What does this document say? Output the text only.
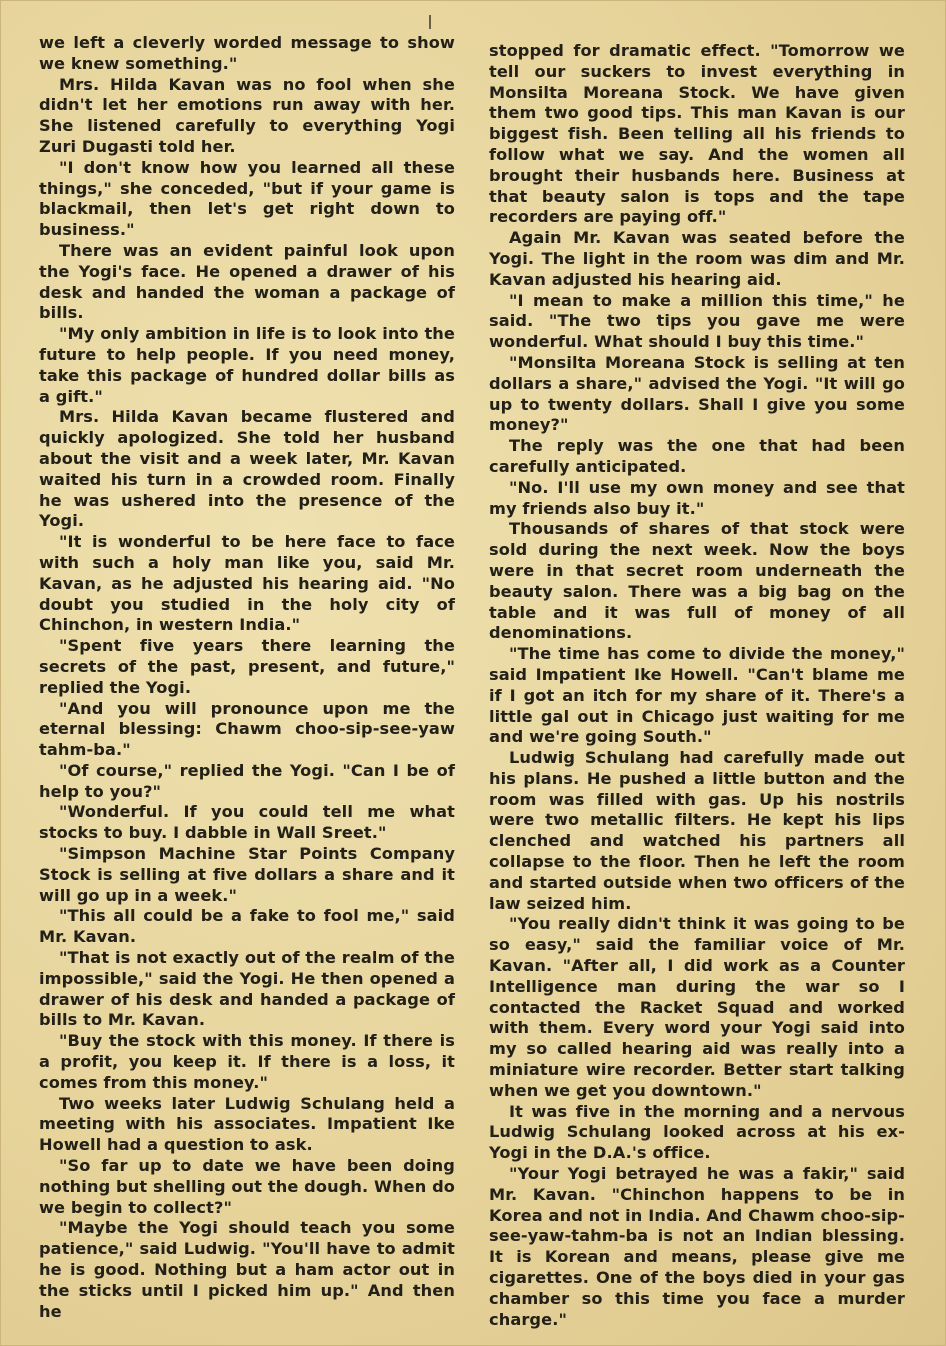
we left a cleverly worded message to show we knew something."

Mrs. Hilda Kavan was no fool when she didn't let her emotions run away with her. She listened carefully to everything Yogi Zuri Dugasti told her.

"I don't know how you learned all these things," she conceded, "but if your game is blackmail, then let's get right down to business."

There was an evident painful look upon the Yogi's face. He opened a drawer of his desk and handed the woman a package of bills.

"My only ambition in life is to look into the future to help people. If you need money, take this package of hundred dollar bills as a gift."

Mrs. Hilda Kavan became flustered and quickly apologized. She told her husband about the visit and a week later, Mr. Kavan waited his turn in a crowded room. Finally he was ushered into the presence of the Yogi.

"It is wonderful to be here face to face with such a holy man like you, said Mr. Kavan, as he adjusted his hearing aid. "No doubt you studied in the holy city of Chinchon, in western India."

"Spent five years there learning the secrets of the past, present, and future," replied the Yogi.

"And you will pronounce upon me the eternal blessing: Chawm choo-sip-see-yaw tahm-ba."

"Of course," replied the Yogi. "Can I be of help to you?"

"Wonderful. If you could tell me what stocks to buy. I dabble in Wall Sreet."

"Simpson Machine Star Points Company Stock is selling at five dollars a share and it will go up in a week."

"This all could be a fake to fool me," said Mr. Kavan.

"That is not exactly out of the realm of the impossible," said the Yogi. He then opened a drawer of his desk and handed a package of bills to Mr. Kavan.

"Buy the stock with this money. If there is a profit, you keep it. If there is a loss, it comes from this money."

Two weeks later Ludwig Schulang held a meeting with his associates. Impatient Ike Howell had a question to ask.

"So far up to date we have been doing nothing but shelling out the dough. When do we begin to collect?"

"Maybe the Yogi should teach you some patience," said Ludwig. "You'll have to admit he is good. Nothing but a ham actor out in the sticks until I picked him up." And then he

stopped for dramatic effect. "Tomorrow we tell our suckers to invest everything in Monsilta Moreana Stock. We have given them two good tips. This man Kavan is our biggest fish. Been telling all his friends to follow what we say. And the women all brought their husbands here. Business at that beauty salon is tops and the tape recorders are paying off."

Again Mr. Kavan was seated before the Yogi. The light in the room was dim and Mr. Kavan adjusted his hearing aid.

"I mean to make a million this time," he said. "The two tips you gave me were wonderful. What should I buy this time."

"Monsilta Moreana Stock is selling at ten dollars a share," advised the Yogi. "It will go up to twenty dollars. Shall I give you some money?"

The reply was the one that had been carefully anticipated.

"No. I'll use my own money and see that my friends also buy it."

Thousands of shares of that stock were sold during the next week. Now the boys were in that secret room underneath the beauty salon. There was a big bag on the table and it was full of money of all denominations.

"The time has come to divide the money," said Impatient Ike Howell. "Can't blame me if I got an itch for my share of it. There's a little gal out in Chicago just waiting for me and we're going South."

Ludwig Schulang had carefully made out his plans. He pushed a little button and the room was filled with gas. Up his nostrils were two metallic filters. He kept his lips clenched and watched his partners all collapse to the floor. Then he left the room and started outside when two officers of the law seized him.

"You really didn't think it was going to be so easy," said the familiar voice of Mr. Kavan. "After all, I did work as a Counter Intelligence man during the war so I contacted the Racket Squad and worked with them. Every word your Yogi said into my so called hearing aid was really into a miniature wire recorder. Better start talking when we get you downtown."

It was five in the morning and a nervous Ludwig Schulang looked across at his ex-Yogi in the D.A.'s office.

"Your Yogi betrayed he was a fakir," said Mr. Kavan. "Chinchon happens to be in Korea and not in India. And Chawm choo-sip-see-yaw-tahm-ba is not an Indian blessing. It is Korean and means, please give me cigarettes. One of the boys died in your gas chamber so this time you face a murder charge."
